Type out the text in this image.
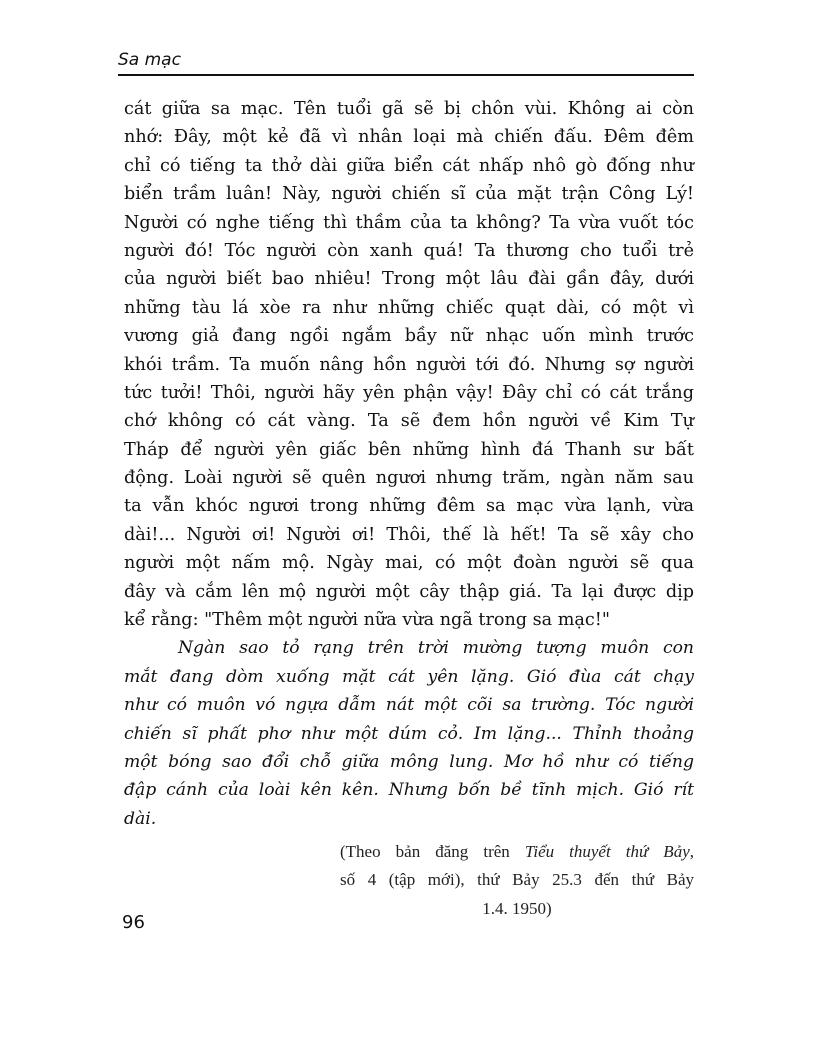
Sa mạc
cát giữa sa mạc. Tên tuổi gã sẽ bị chôn vùi. Không ai còn
nhớ: Đây, một kẻ đã vì nhân loại mà chiến đấu. Đêm đêm
chỉ có tiếng ta thở dài giữa biển cát nhấp nhô gò đống như
biển trầm luân! Này, người chiến sĩ của mặt trận Công Lý!
Người có nghe tiếng thì thầm của ta không? Ta vừa vuốt tóc
người đó! Tóc người còn xanh quá! Ta thương cho tuổi trẻ
của người biết bao nhiêu! Trong một lâu đài gần đây, dưới
những tàu lá xòe ra như những chiếc quạt dài, có một vì
vương giả đang ngồi ngắm bầy nữ nhạc uốn mình trước
khói trầm. Ta muốn nâng hồn người tới đó. Nhưng sợ người
tức tưởi! Thôi, người hãy yên phận vậy! Đây chỉ có cát trắng
chớ không có cát vàng. Ta sẽ đem hồn người về Kim Tự
Tháp để người yên giấc bên những hình đá Thanh sư bất
động. Loài người sẽ quên ngươi nhưng trăm, ngàn năm sau
ta vẫn khóc ngươi trong những đêm sa mạc vừa lạnh, vừa
dài!... Người ơi! Người ơi! Thôi, thế là hết! Ta sẽ xây cho
người một nấm mộ. Ngày mai, có một đoàn người sẽ qua
đây và cắm lên mộ người một cây thập giá. Ta lại được dịp
kể rằng: "Thêm một người nữa vừa ngã trong sa mạc!"
Ngàn sao tỏ rạng trên trời mường tượng muôn con
mắt đang dòm xuống mặt cát yên lặng. Gió đùa cát chạy
như có muôn vó ngựa dẫm nát một cõi sa trường. Tóc người
chiến sĩ phất phơ như một dúm cỏ. Im lặng... Thỉnh thoảng
một bóng sao đổi chỗ giữa mông lung. Mơ hồ như có tiếng
đập cánh của loài kên kên. Nhưng bốn bề tĩnh mịch. Gió rít
dài.
(Theo bản đăng trên Tiểu thuyết thứ Bảy,
số 4 (tập mới), thứ Bảy 25.3 đến thứ Bảy
1.4. 1950)
96
